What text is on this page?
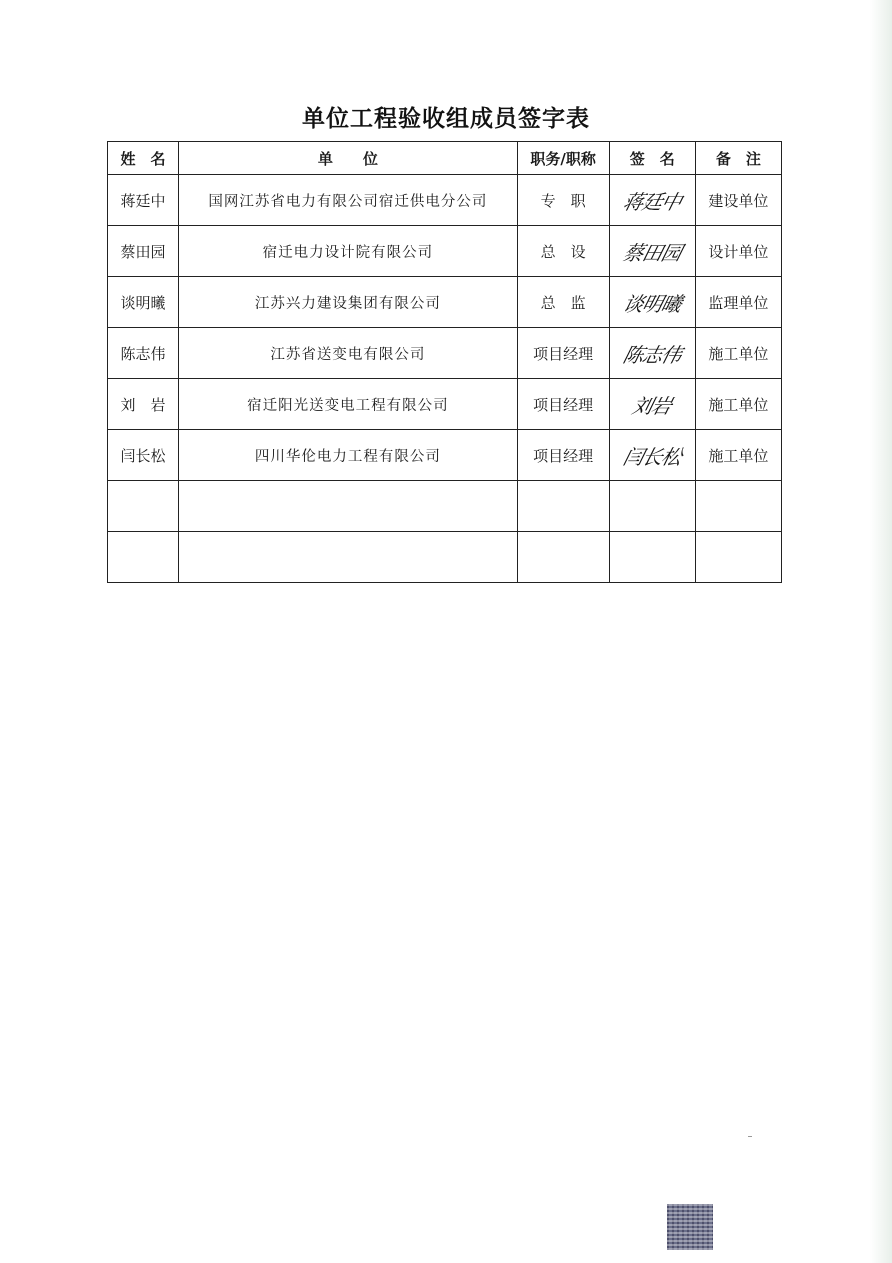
单位工程验收组成员签字表
姓　名	单　　位	职务/职称	签　名	备　注
蒋廷中	国网江苏省电力有限公司宿迁供电分公司	专　职	蒋廷中	建设单位
蔡田园	宿迁电力设计院有限公司	总　设	蔡田园	设计单位
谈明曦	江苏兴力建设集团有限公司	总　监	谈明曦	监理单位
陈志伟	江苏省送变电有限公司	项目经理	陈志伟	施工单位
刘　岩	宿迁阳光送变电工程有限公司	项目经理	刘岩	施工单位
闫长松	四川华伦电力工程有限公司	项目经理	闫长松	施工单位
